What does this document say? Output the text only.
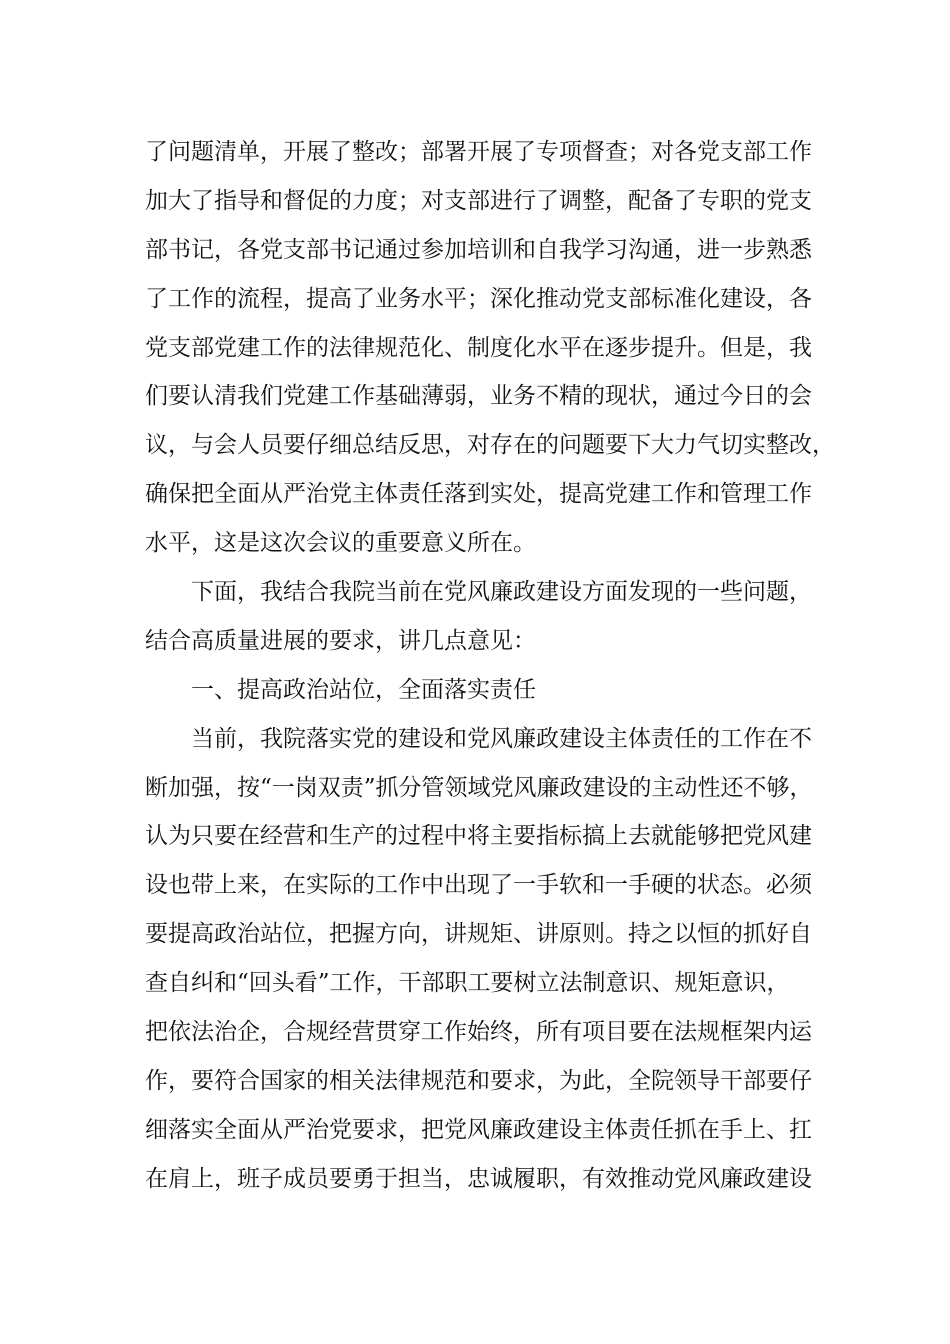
了问题清单，开展了整改；部署开展了专项督查；对各党支部工作
加大了指导和督促的力度；对支部进行了调整，配备了专职的党支
部书记，各党支部书记通过参加培训和自我学习沟通，进一步熟悉
了工作的流程，提高了业务水平；深化推动党支部标准化建设，各
党支部党建工作的法律规范化、制度化水平在逐步提升。但是，我
们要认清我们党建工作基础薄弱，业务不精的现状，通过今日的会
议，与会人员要仔细总结反思，对存在的问题要下大力气切实整改，
确保把全面从严治党主体责任落到实处，提高党建工作和管理工作
水平，这是这次会议的重要意义所在。
下面，我结合我院当前在党风廉政建设方面发现的一些问题，
结合高质量进展的要求，讲几点意见：
一、提高政治站位，全面落实责任
当前，我院落实党的建设和党风廉政建设主体责任的工作在不
断加强，按“一岗双责”抓分管领域党风廉政建设的主动性还不够，
认为只要在经营和生产的过程中将主要指标搞上去就能够把党风建
设也带上来，在实际的工作中出现了一手软和一手硬的状态。必须
要提高政治站位，把握方向，讲规矩、讲原则。持之以恒的抓好自
查自纠和“回头看”工作，干部职工要树立法制意识、规矩意识，
把依法治企，合规经营贯穿工作始终，所有项目要在法规框架内运
作，要符合国家的相关法律规范和要求，为此，全院领导干部要仔
细落实全面从严治党要求，把党风廉政建设主体责任抓在手上、扛
在肩上，班子成员要勇于担当，忠诚履职，有效推动党风廉政建设
